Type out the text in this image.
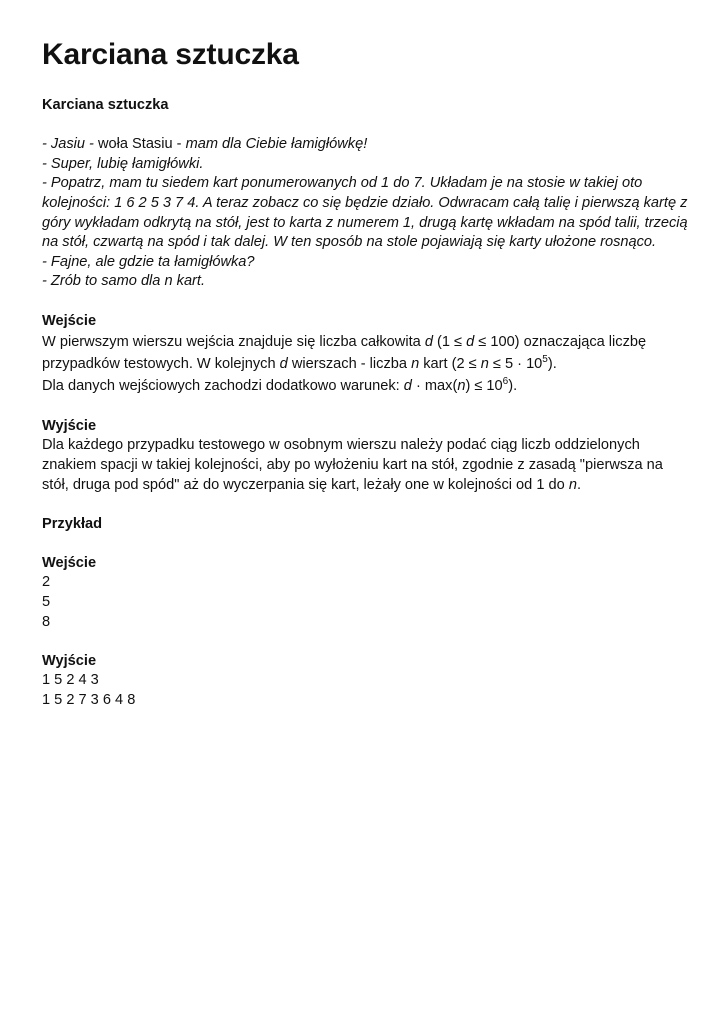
Karciana sztuczka

Karciana sztuczka

- Jasiu - woła Stasiu - mam dla Ciebie łamigłówkę!

- Super, lubię łamigłówki.

- Popatrz, mam tu siedem kart ponumerowanych od 1 do 7. Układam je na stosie w takiej oto kolejności: 1 6 2 5 3 7 4. A teraz zobacz co się będzie działo. Odwracam całą talię i pierwszą kartę z góry wykładam odkrytą na stół, jest to karta z numerem 1, drugą kartę wkładam na spód talii, trzecią na stół, czwartą na spód i tak dalej. W ten sposób na stole pojawiają się karty ułożone rosnąco.

- Fajne, ale gdzie ta łamigłówka?

- Zrób to samo dla n kart.

Wejście

W pierwszym wierszu wejścia znajduje się liczba całkowita d (1 ≤ d ≤ 100) oznaczająca liczbę przypadków testowych. W kolejnych d wierszach - liczba n kart $(2 \le n \le 5 \cdot 10^5)$.

Dla danych wejściowych zachodzi dodatkowo warunek: $d \cdot \max(n) \le 10^6$).

Wyjście

Dla każdego przypadku testowego w osobnym wierszu należy podać ciąg liczb oddzielonych znakiem spacji w takiej kolejności, aby po wyłożeniu kart na stół, zgodnie z zasadą "pierwsza na stół, druga pod spód" aż do wyczerpania się kart, leżały one w kolejności od 1 do n.

Przykład

Wejście

2

5

8

Wyjście

1 5 2 4 3

1 5 2 7 3 6 4 8
